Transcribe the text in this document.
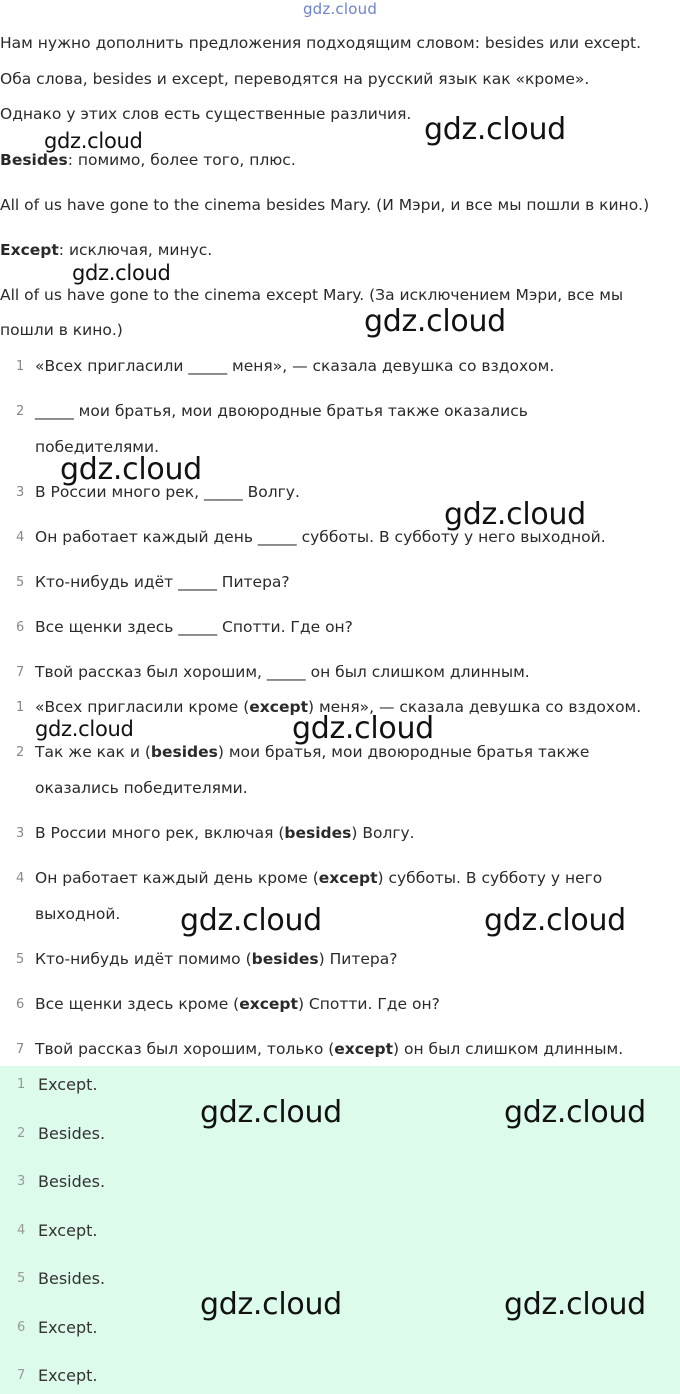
gdz.cloud
Нам нужно дополнить предложения подходящим словом: besides или except.
Оба слова, besides и except, переводятся на русский язык как «кроме».
Однако у этих слов есть существенные различия.
Besides: помимо, более того, плюс.
All of us have gone to the cinema besides Mary. (И Мэри, и все мы пошли в кино.)
Except: исключая, минус.
All of us have gone to the cinema except Mary. (За исключением Мэри, все мы
пошли в кино.)
1 «Всех пригласили _____ меня», — сказала девушка со вздохом.
2 _____ мои братья, мои двоюродные братья также оказались
победителями.
3 В России много рек, _____ Волгу.
4 Он работает каждый день _____ субботы. В субботу у него выходной.
5 Кто-нибудь идёт _____ Питера?
6 Все щенки здесь _____ Спотти. Где он?
7 Твой рассказ был хорошим, _____ он был слишком длинным.
1 «Всех пригласили кроме (except) меня», — сказала девушка со вздохом.
2 Так же как и (besides) мои братья, мои двоюродные братья также
оказались победителями.
3 В России много рек, включая (besides) Волгу.
4 Он работает каждый день кроме (except) субботы. В субботу у него
выходной.
5 Кто-нибудь идёт помимо (besides) Питера?
6 Все щенки здесь кроме (except) Спотти. Где он?
7 Твой рассказ был хорошим, только (except) он был слишком длинным.
1 Except.
2 Besides.
3 Besides.
4 Except.
5 Besides.
6 Except.
7 Except.
gdz.cloud	gdz.cloud
gdz.cloud
gdz.cloud
gdz.cloud
gdz.cloud
gdz.cloud	gdz.cloud
gdz.cloud	gdz.cloud
gdz.cloud	gdz.cloud
gdz.cloud	gdz.cloud
